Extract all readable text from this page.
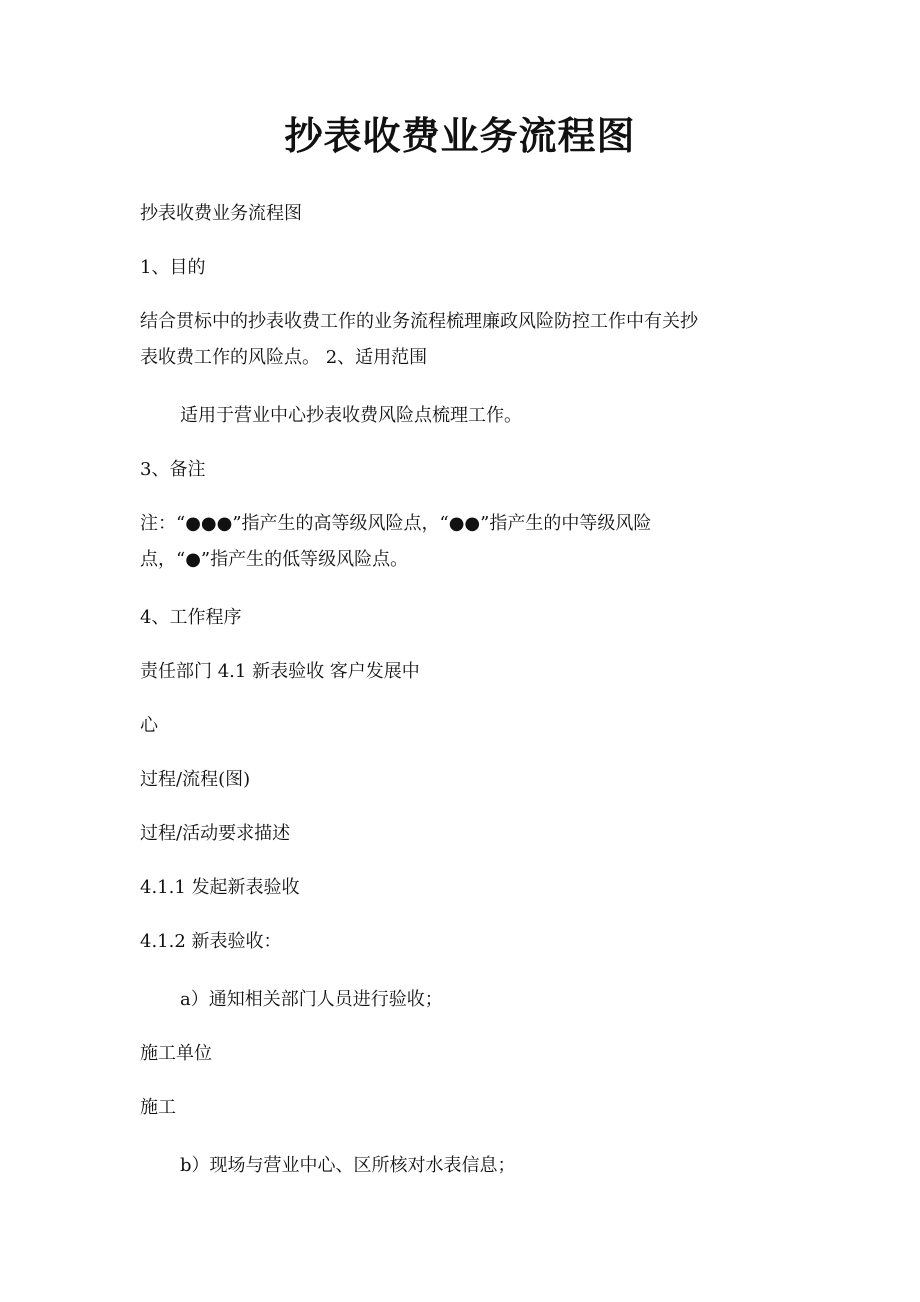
抄表收费业务流程图
抄表收费业务流程图
1、目的
结合贯标中的抄表收费工作的业务流程梳理廉政风险防控工作中有关抄
表收费工作的风险点。 2、适用范围
适用于营业中心抄表收费风险点梳理工作。
3、备注
注：“●●●”指产生的高等级风险点，“●●”指产生的中等级风险
点，“●”指产生的低等级风险点。
4、工作程序
责任部门 4.1 新表验收 客户发展中
心
过程/流程(图)
过程/活动要求描述
4.1.1 发起新表验收
4.1.2 新表验收：
a）通知相关部门人员进行验收；
施工单位
施工
b）现场与营业中心、区所核对水表信息；
